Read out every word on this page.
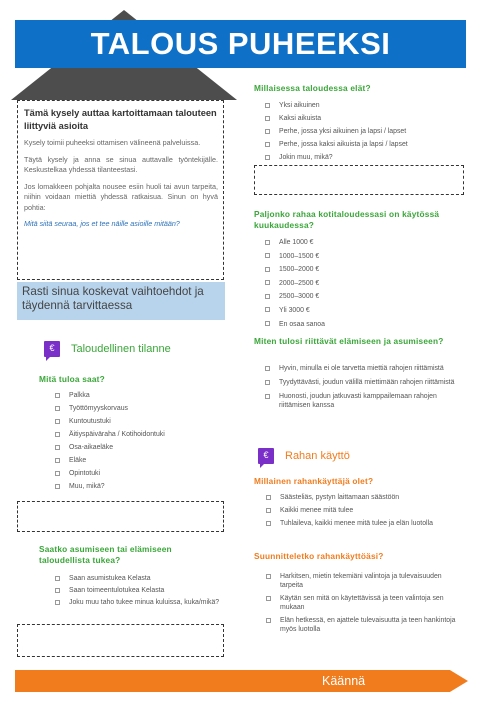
TALOUS PUHEEKSI
Tämä kysely auttaa kartoittamaan talouteen liittyviä asioita

Kysely toimii puheeksi ottamisen välineenä palveluissa.

Täytä kysely ja anna se sinua auttavalle työntekijälle. Keskustelkaa yhdessä tilanteestasi.

Jos lomakkeen pohjalta nousee esiin huoli tai avun tarpeita, niihin voidaan miettiä yhdessä ratkaisua. Sinun on hyvä pohtia:

Mitä siitä seuraa, jos et tee näille asioille mitään?

Rasti sinua koskevat vaihtoehdot ja täydennä tarvittaessa
€	Taloudellinen tilanne
Mitä tuloa saat?
Palkka
Työttömyyskorvaus
Kuntoutustuki
Äitiyspäiväraha / Kotihoidontuki
Osa-aikaeläke
Eläke
Opintotuki
Muu, mikä?
Saatko asumiseen tai elämiseen taloudellista tukea?
Saan asumistukea Kelasta
Saan toimeentulotukea Kelasta
Joku muu taho tukee minua kuluissa, kuka/mikä?
Millaisessa taloudessa elät?
Yksi aikuinen
Kaksi aikuista
Perhe, jossa yksi aikuinen ja lapsi / lapset
Perhe, jossa kaksi aikuista ja lapsi / lapset
Jokin muu, mikä?
Paljonko rahaa kotitaloudessasi on käytössä kuukaudessa?
Alle 1000 €
1000–1500 €
1500–2000 €
2000–2500 €
2500–3000 €
Yli 3000 €
En osaa sanoa
Miten tulosi riittävät elämiseen ja asumiseen?
Hyvin, minulla ei ole tarvetta miettiä rahojen riittämistä
Tyydyttävästi, joudun välillä miettimään rahojen riittämistä
Huonosti, joudun jatkuvasti kamppailemaan rahojen riittämisen kanssa
€	Rahan käyttö
Millainen rahankäyttäjä olet?
Säästeliäs, pystyn laittamaan säästöön
Kaikki menee mitä tulee
Tuhlaileva, kaikki menee mitä tulee ja elän luotolla
Suunnitteletko rahankäyttöäsi?
Harkitsen, mietin tekemiäni valintoja ja tulevaisuuden tarpeita
Käytän sen mitä on käytettävissä ja teen valintoja sen mukaan
Elän hetkessä, en ajattele tulevaisuutta ja teen hankintoja myös luotolla
Käännä
